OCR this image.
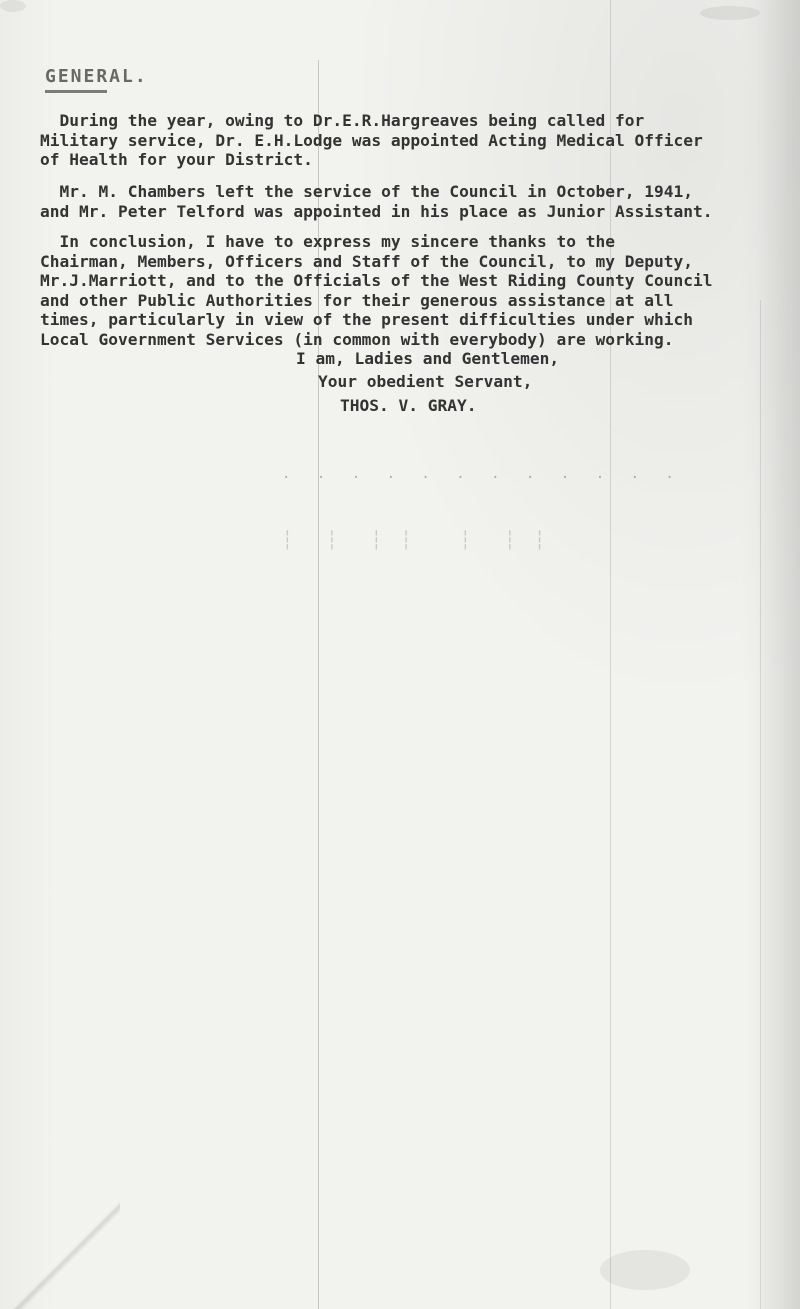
GENERAL.

During the year, owing to Dr.E.R.Hargreaves being called for
Military service, Dr. E.H.Lodge was appointed Acting Medical Officer
of Health for your District.

Mr. M. Chambers left the service of the Council in October, 1941,
and Mr. Peter Telford was appointed in his place as Junior Assistant.

In conclusion, I have to express my sincere thanks to the
Chairman, Members, Officers and Staff of the Council, to my Deputy,
Mr.J.Marriott, and to the Officials of the West Riding County Council
and other Public Authorities for their generous assistance at all
times, particularly in view of the present difficulties under which
Local Government Services (in common with everybody) are working.

I am, Ladies and Gentlemen,
Your obedient Servant,
THOS. V. GRAY.
· · · · · · · · · · · ·
┆  ┆  ┆ ┆   ┆  ┆ ┆
